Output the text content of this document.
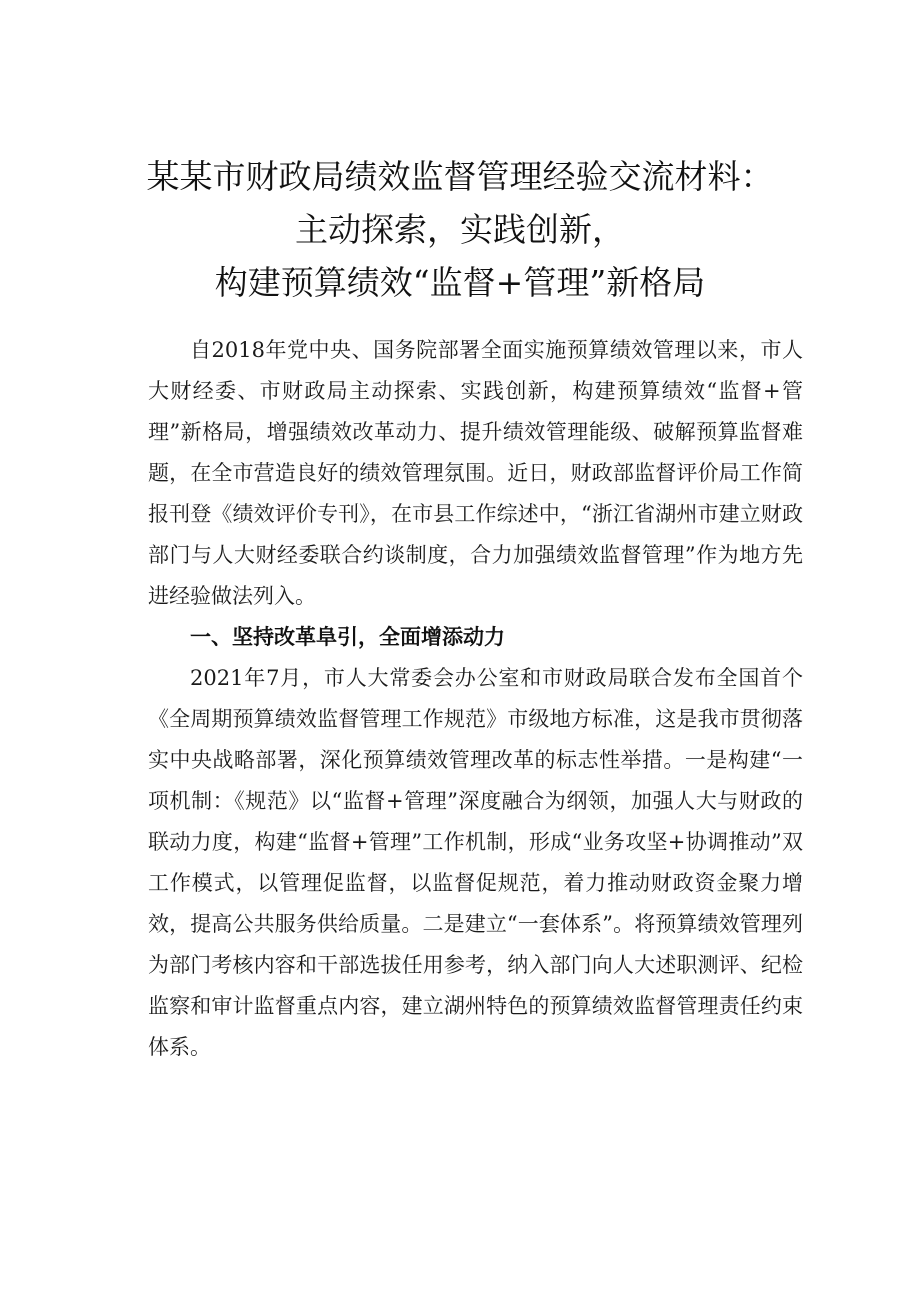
某某市财政局绩效监督管理经验交流材料：
主动探索，实践创新，
构建预算绩效“监督+管理”新格局

自2018年党中央、国务院部署全面实施预算绩效管理以来，市人大财经委、市财政局主动探索、实践创新，构建预算绩效“监督+管理”新格局，增强绩效改革动力、提升绩效管理能级、破解预算监督难题，在全市营造良好的绩效管理氛围。近日，财政部监督评价局工作简报刊登《绩效评价专刊》，在市县工作综述中，“浙江省湖州市建立财政部门与人大财经委联合约谈制度，合力加强绩效监督管理”作为地方先进经验做法列入。

一、坚持改革阜引，全面增添动力

2021年7月，市人大常委会办公室和市财政局联合发布全国首个《全周期预算绩效监督管理工作规范》市级地方标准，这是我市贯彻落实中央战略部署，深化预算绩效管理改革的标志性举措。一是构建“一项机制：《规范》以“监督+管理”深度融合为纲领，加强人大与财政的联动力度，构建“监督+管理”工作机制，形成“业务攻坚+协调推动”双工作模式，以管理促监督，以监督促规范，着力推动财政资金聚力增效，提高公共服务供给质量。二是建立“一套体系”。将预算绩效管理列为部门考核内容和干部选拔任用参考，纳入部门向人大述职测评、纪检监察和审计监督重点内容，建立湖州特色的预算绩效监督管理责任约束体系。
